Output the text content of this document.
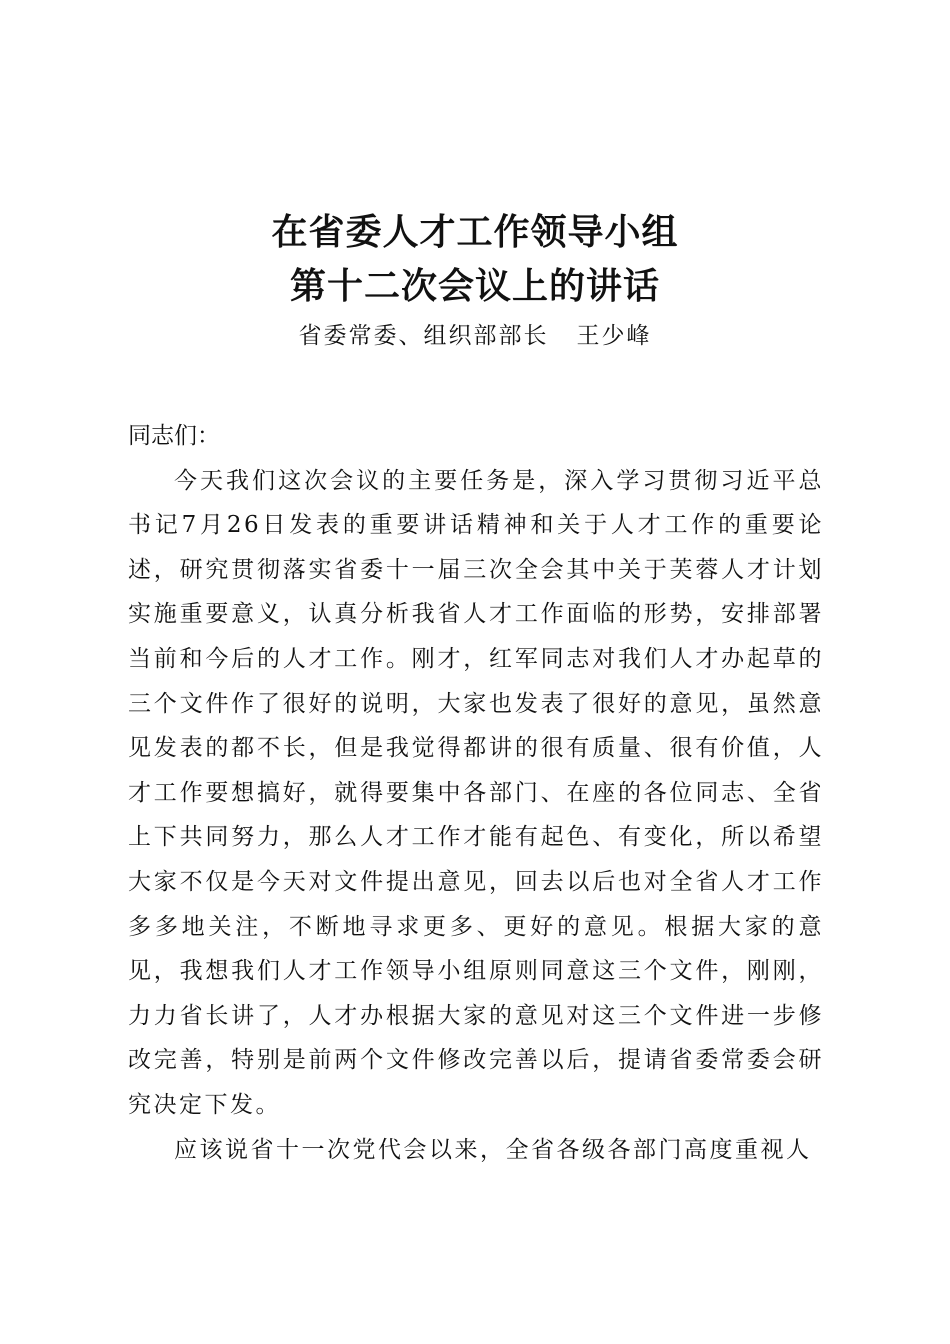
在省委人才工作领导小组
第十二次会议上的讲话
省委常委、组织部部长 王少峰

同志们：

今天我们这次会议的主要任务是，深入学习贯彻习近平总书记7月26日发表的重要讲话精神和关于人才工作的重要论述，研究贯彻落实省委十一届三次全会其中关于芙蓉人才计划实施重要意义，认真分析我省人才工作面临的形势，安排部署当前和今后的人才工作。刚才，红军同志对我们人才办起草的三个文件作了很好的说明，大家也发表了很好的意见，虽然意见发表的都不长，但是我觉得都讲的很有质量、很有价值，人才工作要想搞好，就得要集中各部门、在座的各位同志、全省上下共同努力，那么人才工作才能有起色、有变化，所以希望大家不仅是今天对文件提出意见，回去以后也对全省人才工作多多地关注，不断地寻求更多、更好的意见。根据大家的意见，我想我们人才工作领导小组原则同意这三个文件，刚刚，力力省长讲了，人才办根据大家的意见对这三个文件进一步修改完善，特别是前两个文件修改完善以后，提请省委常委会研究决定下发。

应该说省十一次党代会以来，全省各级各部门高度重视人
